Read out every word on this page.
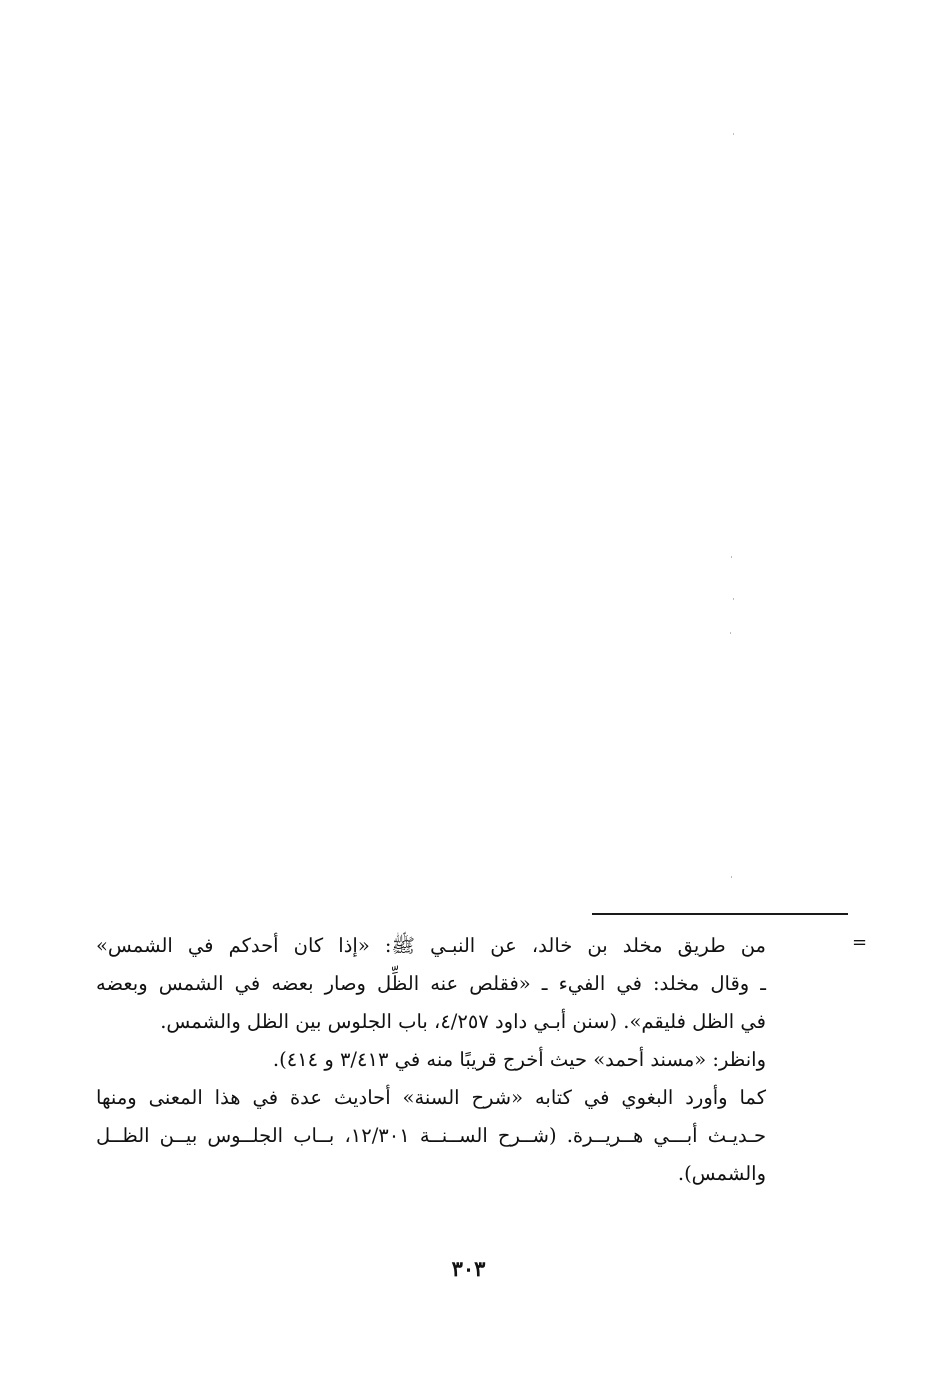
=
من طريق مخلد بن خالد، عن النبـي ﷺ: «إذا كان أحدكم في الشمس»
ـ وقال مخلد: في الفيء ـ «فقلص عنه الظِّل وصار بعضه في الشمس وبعضه
في الظل فليقم». (سنن أبـي داود ٤/٢٥٧، باب الجلوس بين الظل والشمس.
وانظر: «مسند أحمد» حيث أخرج قريبًا منه في ٣/٤١٣ و ٤١٤).
كما وأورد البغوي في كتابه «شرح السنة» أحاديث عدة في هذا المعنى ومنها
حـديـث أبـــي هــريــرة. (شــرح الســنــة ١٢/٣٠١، بــاب الجلــوس بيــن الظــل
والشمس).
٣٠٣
